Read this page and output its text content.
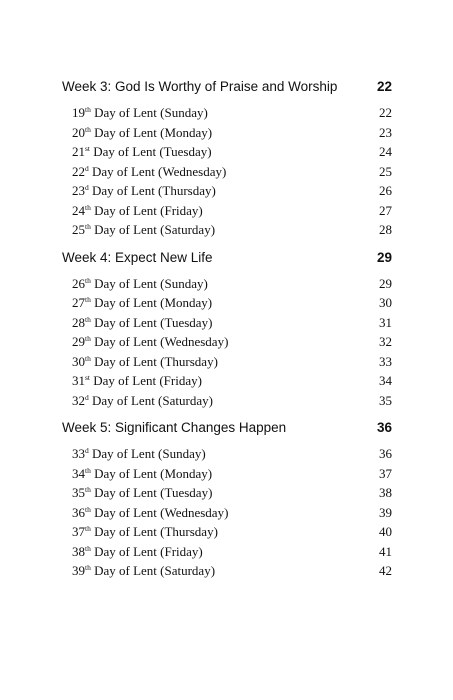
Week 3: God Is Worthy of Praise and Worship	22
19th Day of Lent (Sunday)	22
20th Day of Lent (Monday)	23
21st Day of Lent (Tuesday)	24
22$^d$ Day of Lent (Wednesday)	25
23$^d$ Day of Lent (Thursday)	26
24th Day of Lent (Friday)	27
25th Day of Lent (Saturday)	28
Week 4: Expect New Life	29
26th Day of Lent (Sunday)	29
27th Day of Lent (Monday)	30
28th Day of Lent (Tuesday)	31
29th Day of Lent (Wednesday)	32
30th Day of Lent (Thursday)	33
31st Day of Lent (Friday)	34
32$^d$ Day of Lent (Saturday)	35
Week 5: Significant Changes Happen	36
33$^d$ Day of Lent (Sunday)	36
34th Day of Lent (Monday)	37
35th Day of Lent (Tuesday)	38
36th Day of Lent (Wednesday)	39
37th Day of Lent (Thursday)	40
38th Day of Lent (Friday)	41
39th Day of Lent (Saturday)	42
